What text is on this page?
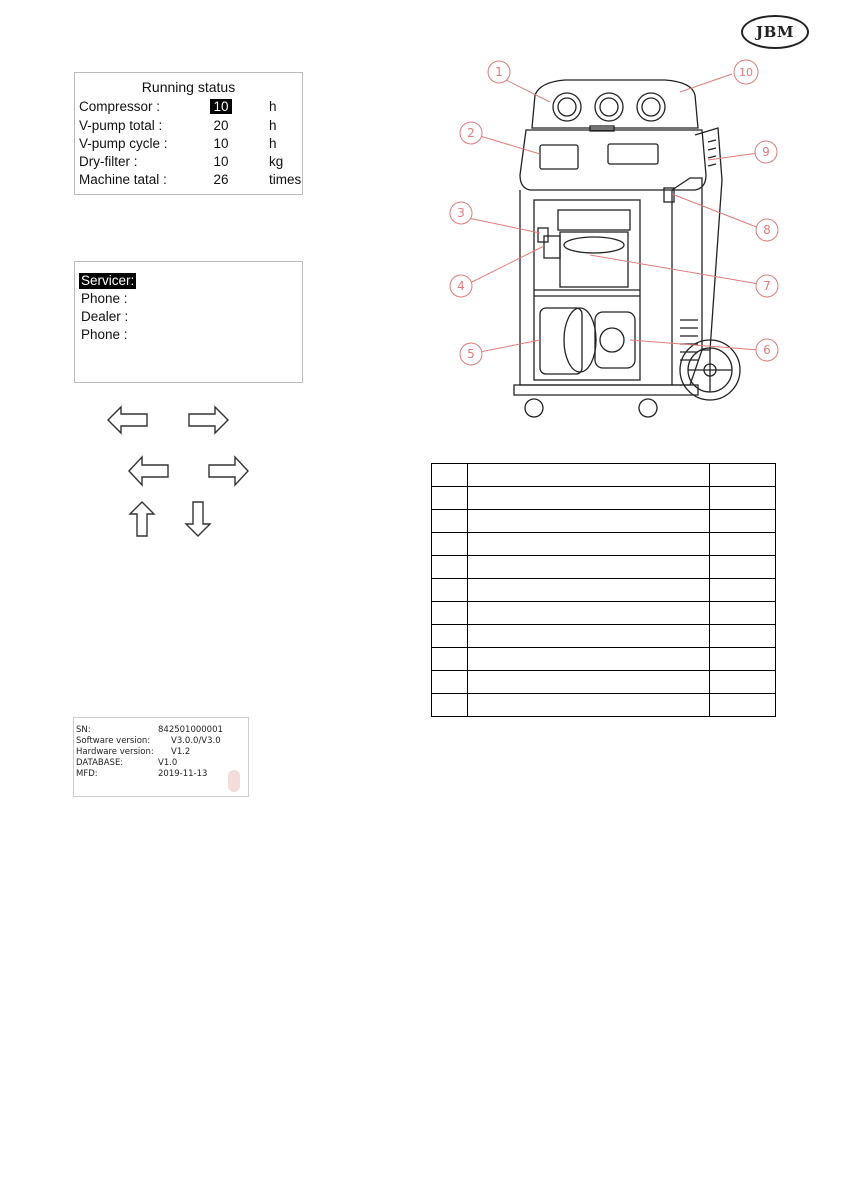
JBM
Running status
Compressor :	10	h
V-pump total :	20	h
V-pump cycle :	10	h
Dry-filter :	10	kg
Machine tatal :	26	times
Servicer:
Phone :
Dealer :
Phone :
SN:	842501000001
Software version: V3.0.0/V3.0
Hardware version: V1.2
DATABASE:	V1.0
MFD:	2019-11-13
1
2
3
4
5	6
7
8
9
10
